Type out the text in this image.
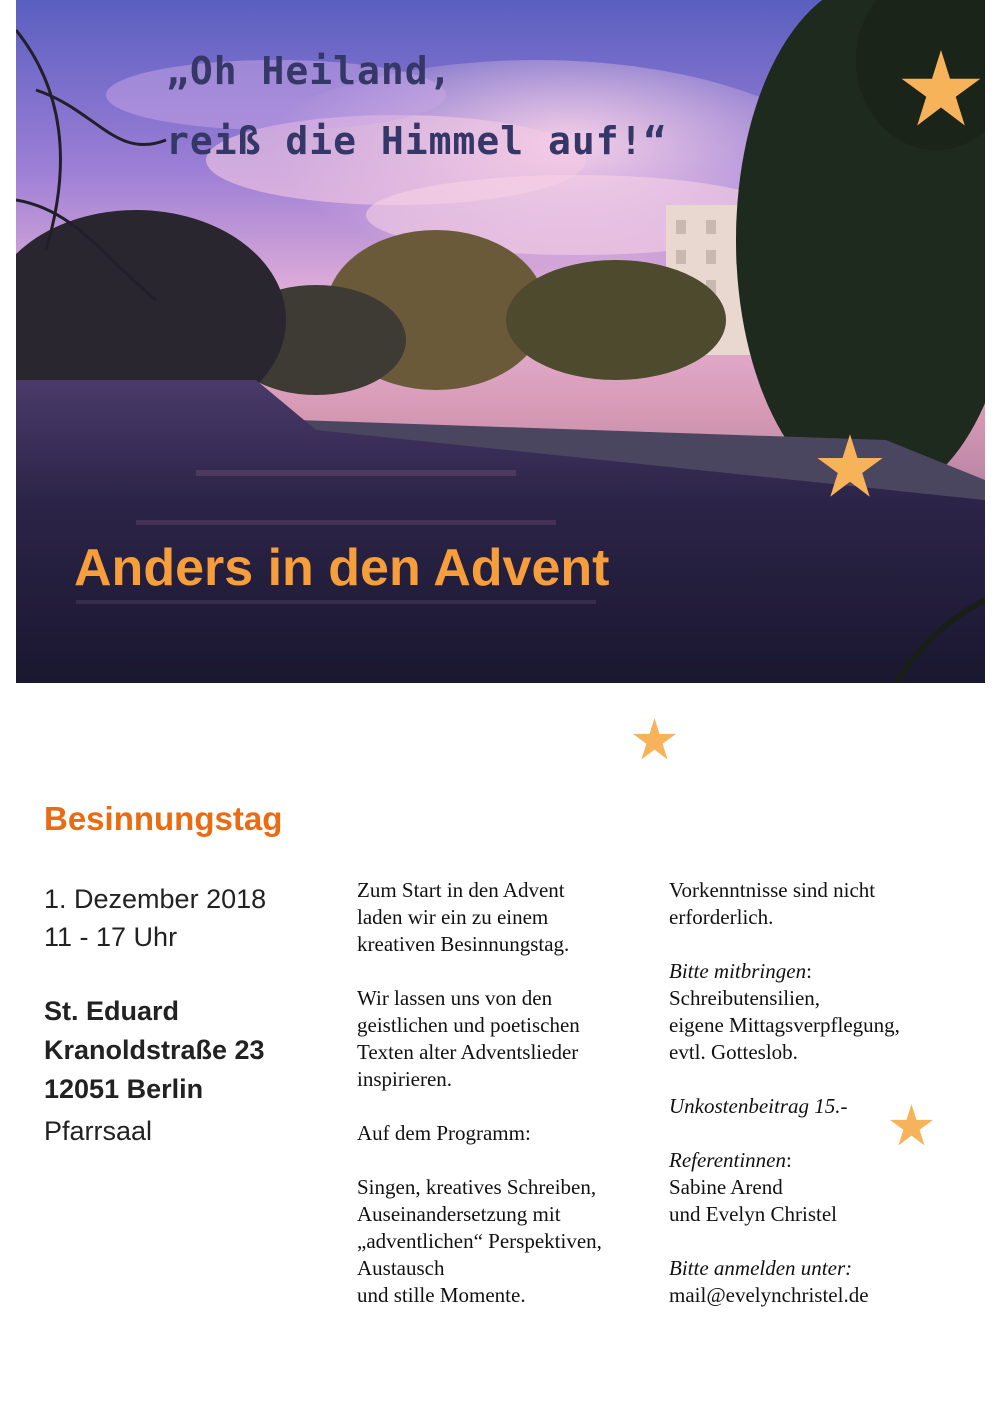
„Oh Heiland,
reiß die Himmel auf!“
Anders in den Advent
Besinnungstag
1. Dezember 2018
11 - 17 Uhr
St. Eduard
Kranoldstraße 23
12051 Berlin
Pfarrsaal

Zum Start in den Advent
laden wir ein zu einem
kreativen Besinnungstag.

Wir lassen uns von den
geistlichen und poetischen
Texten alter Adventslieder
inspirieren.

Auf dem Programm:

Singen, kreatives Schreiben,
Auseinandersetzung mit
„adventlichen“ Perspektiven,
Austausch
und stille Momente.

Vorkenntnisse sind nicht
erforderlich.

Bitte mitbringen:
Schreibutensilien,
eigene Mittagsverpflegung,
evtl. Gotteslob.

Unkostenbeitrag 15.-

Referentinnen:
Sabine Arend
und Evelyn Christel

Bitte anmelden unter:
mail@evelynchristel.de
